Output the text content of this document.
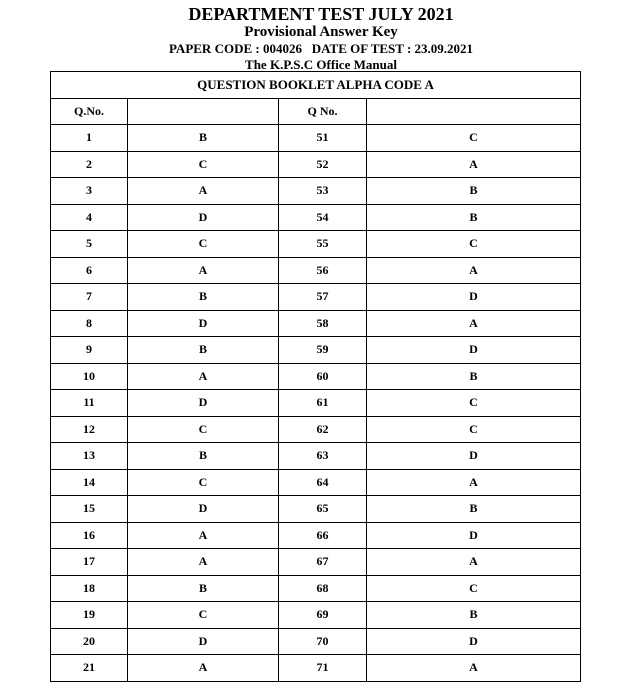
DEPARTMENT TEST JULY 2021
Provisional Answer Key
PAPER CODE : 004026   DATE OF TEST : 23.09.2021
The K.P.S.C Office Manual
QUESTION BOOKLET ALPHA CODE A			
Q.No.		Q No.	
1	B	51	C
2	C	52	A
3	A	53	B
4	D	54	B
5	C	55	C
6	A	56	A
7	B	57	D
8	D	58	A
9	B	59	D
10	A	60	B
11	D	61	C
12	C	62	C
13	B	63	D
14	C	64	A
15	D	65	B
16	A	66	D
17	A	67	A
18	B	68	C
19	C	69	B
20	D	70	D
21	A	71	A
